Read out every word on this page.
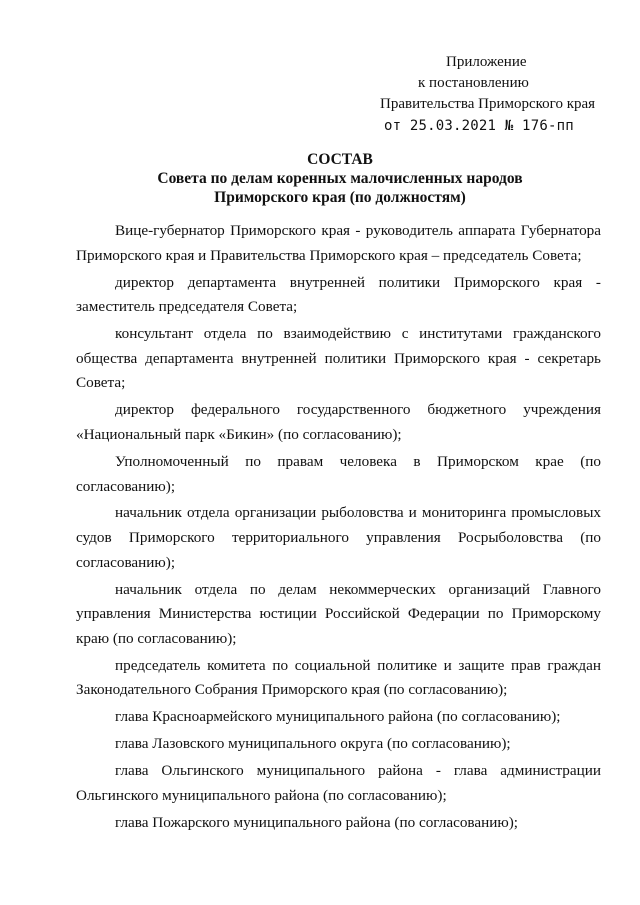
Приложение
к постановлению
Правительства Приморского края
от 25.03.2021 № 176-пп
СОСТАВ
Совета по делам коренных малочисленных народов
Приморского края (по должностям)

Вице-губернатор Приморского края - руководитель аппарата Губернатора Приморского края и Правительства Приморского края – председатель Совета;

директор департамента внутренней политики Приморского края - заместитель председателя Совета;

консультант отдела по взаимодействию с институтами гражданского общества департамента внутренней политики Приморского края - секретарь Совета;

директор федерального государственного бюджетного учреждения «Национальный парк «Бикин» (по согласованию);

Уполномоченный по правам человека в Приморском крае (по согласованию);

начальник отдела организации рыболовства и мониторинга промысловых судов Приморского территориального управления Росрыболовства (по согласованию);

начальник отдела по делам некоммерческих организаций Главного управления Министерства юстиции Российской Федерации по Приморскому краю (по согласованию);

председатель комитета по социальной политике и защите прав граждан Законодательного Собрания Приморского края (по согласованию);

глава Красноармейского муниципального района (по согласованию);

глава Лазовского муниципального округа (по согласованию);

глава Ольгинского муниципального района - глава администрации Ольгинского муниципального района (по согласованию);

глава Пожарского муниципального района (по согласованию);
